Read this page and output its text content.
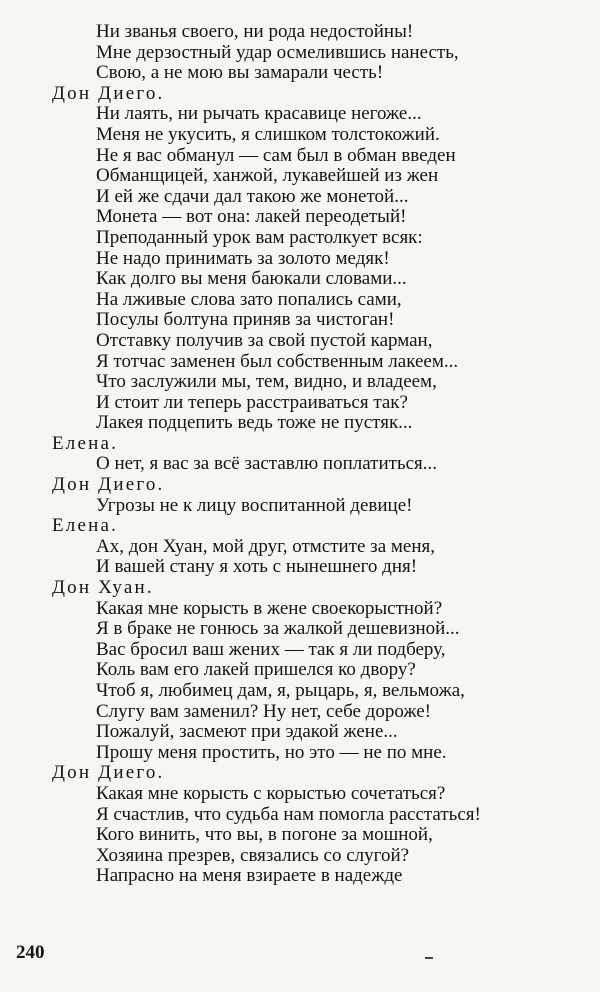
Ни званья своего, ни рода недостойны!
Мне дерзостный удар осмелившись нанесть,
Свою, а не мою вы замарали честь!
Дон Диего.
Ни лаять, ни рычать красавице негоже...
Меня не укусить, я слишком толстокожий.
Не я вас обманул — сам был в обман введен
Обманщицей, ханжой, лукавейшей из жен
И ей же сдачи дал такою же монетой...
Монета — вот она: лакей переодетый!
Преподанный урок вам растолкует всяк:
Не надо принимать за золото медяк!
Как долго вы меня баюкали словами...
На лживые слова зато попались сами,
Посулы болтуна приняв за чистоган!
Отставку получив за свой пустой карман,
Я тотчас заменен был собственным лакеем...
Что заслужили мы, тем, видно, и владеем,
И стоит ли теперь расстраиваться так?
Лакея подцепить ведь тоже не пустяк...
Елена.
О нет, я вас за всё заставлю поплатиться...
Дон Диего.
Угрозы не к лицу воспитанной девице!
Елена.
Ах, дон Хуан, мой друг, отмстите за меня,
И вашей стану я хоть с нынешнего дня!
Дон Хуан.
Какая мне корысть в жене своекорыстной?
Я в браке не гонюсь за жалкой дешевизной...
Вас бросил ваш жених — так я ли подберу,
Коль вам его лакей пришелся ко двору?
Чтоб я, любимец дам, я, рыцарь, я, вельможа,
Слугу вам заменил? Ну нет, себе дороже!
Пожалуй, засмеют при эдакой жене...
Прошу меня простить, но это — не по мне.
Дон Диего.
Какая мне корысть с корыстью сочетаться?
Я счастлив, что судьба нам помогла расстаться!
Кого винить, что вы, в погоне за мошной,
Хозяина презрев, связались со слугой?
Напрасно на меня взираете в надежде
240
